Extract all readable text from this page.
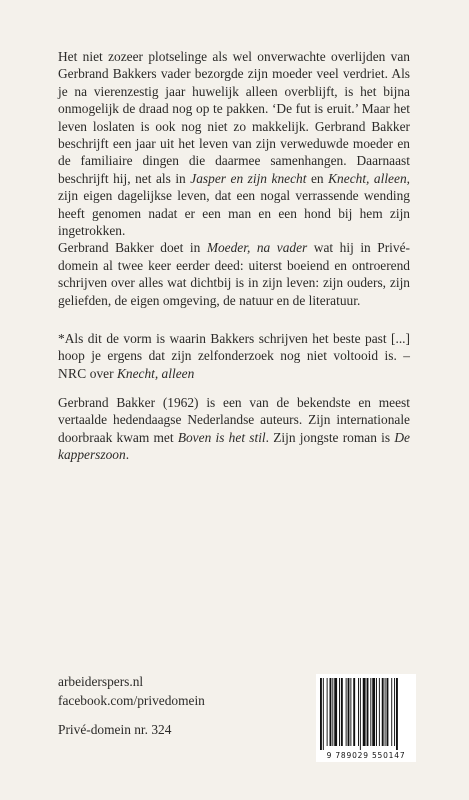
Het niet zozeer plotselinge als wel onverwachte overlijden van Gerbrand Bakkers vader bezorgde zijn moeder veel verdriet. Als je na vierenzestig jaar huwelijk alleen overblijft, is het bijna onmogelijk de draad nog op te pakken. ‘De fut is eruit.’ Maar het leven loslaten is ook nog niet zo makkelijk. Gerbrand Bakker beschrijft een jaar uit het leven van zijn verweduwde moeder en de familiaire dingen die daarmee samenhangen. Daarnaast beschrijft hij, net als in Jasper en zijn knecht en Knecht, alleen, zijn eigen dagelijkse leven, dat een nogal verrassende wending heeft genomen nadat er een man en een hond bij hem zijn ingetrokken.

Gerbrand Bakker doet in Moeder, na vader wat hij in Privé-domein al twee keer eerder deed: uiterst boeiend en ontroerend schrijven over alles wat dichtbij is in zijn leven: zijn ouders, zijn geliefden, de eigen omgeving, de natuur en de literatuur.

*Als dit de vorm is waarin Bakkers schrijven het beste past [...] hoop je ergens dat zijn zelfonderzoek nog niet voltooid is. – NRC over Knecht, alleen

Gerbrand Bakker (1962) is een van de bekendste en meest vertaalde hedendaagse Nederlandse auteurs. Zijn internationale doorbraak kwam met Boven is het stil. Zijn jongste roman is De kapperszoon.

arbeiderspers.nl
facebook.com/privedomein
Privé-domein nr. 324
9 789029 550147
